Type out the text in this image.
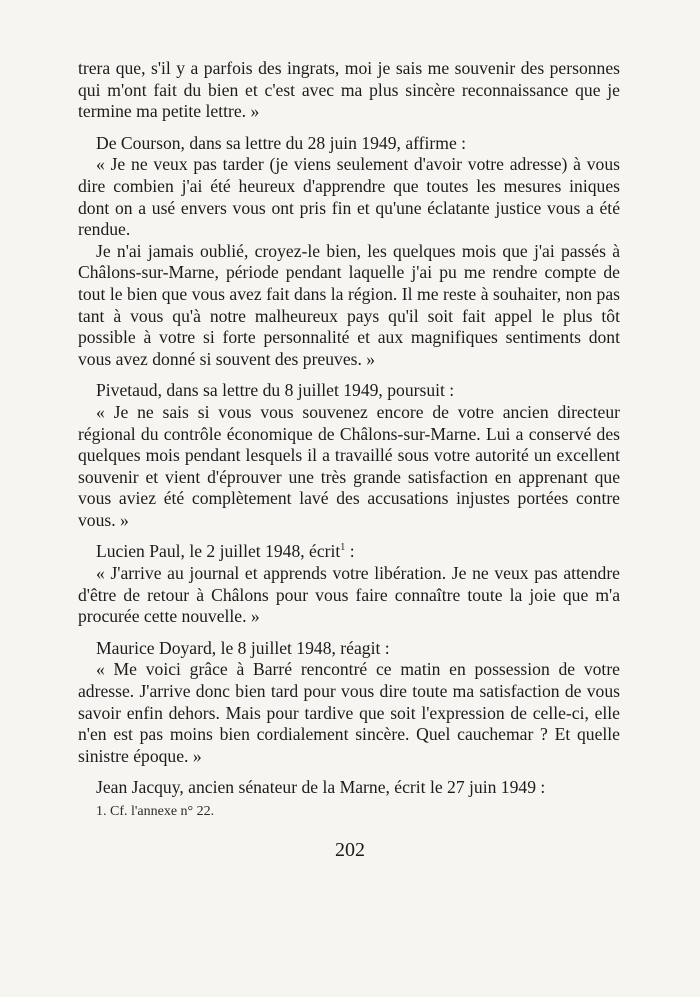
trera que, s'il y a parfois des ingrats, moi je sais me souvenir des personnes qui m'ont fait du bien et c'est avec ma plus sincère reconnaissance que je termine ma petite lettre. »

De Courson, dans sa lettre du 28 juin 1949, affirme :

« Je ne veux pas tarder (je viens seulement d'avoir votre adresse) à vous dire combien j'ai été heureux d'apprendre que toutes les mesures iniques dont on a usé envers vous ont pris fin et qu'une éclatante justice vous a été rendue.

Je n'ai jamais oublié, croyez-le bien, les quelques mois que j'ai passés à Châlons-sur-Marne, période pendant laquelle j'ai pu me rendre compte de tout le bien que vous avez fait dans la région. Il me reste à souhaiter, non pas tant à vous qu'à notre malheureux pays qu'il soit fait appel le plus tôt possible à votre si forte personnalité et aux magnifiques sentiments dont vous avez donné si souvent des preuves. »

Pivetaud, dans sa lettre du 8 juillet 1949, poursuit :

« Je ne sais si vous vous souvenez encore de votre ancien directeur régional du contrôle économique de Châlons-sur-Marne. Lui a conservé des quelques mois pendant lesquels il a travaillé sous votre autorité un excellent souvenir et vient d'éprouver une très grande satisfaction en apprenant que vous aviez été complètement lavé des accusations injustes portées contre vous. »

Lucien Paul, le 2 juillet 1948, écrit$^1$ :

« J'arrive au journal et apprends votre libération. Je ne veux pas attendre d'être de retour à Châlons pour vous faire connaître toute la joie que m'a procurée cette nouvelle. »

Maurice Doyard, le 8 juillet 1948, réagit :

« Me voici grâce à Barré rencontré ce matin en possession de votre adresse. J'arrive donc bien tard pour vous dire toute ma satisfaction de vous savoir enfin dehors. Mais pour tardive que soit l'expression de celle-ci, elle n'en est pas moins bien cordialement sincère. Quel cauchemar ? Et quelle sinistre époque. »

Jean Jacquy, ancien sénateur de la Marne, écrit le 27 juin 1949 :

1. Cf. l'annexe n° 22.
202
